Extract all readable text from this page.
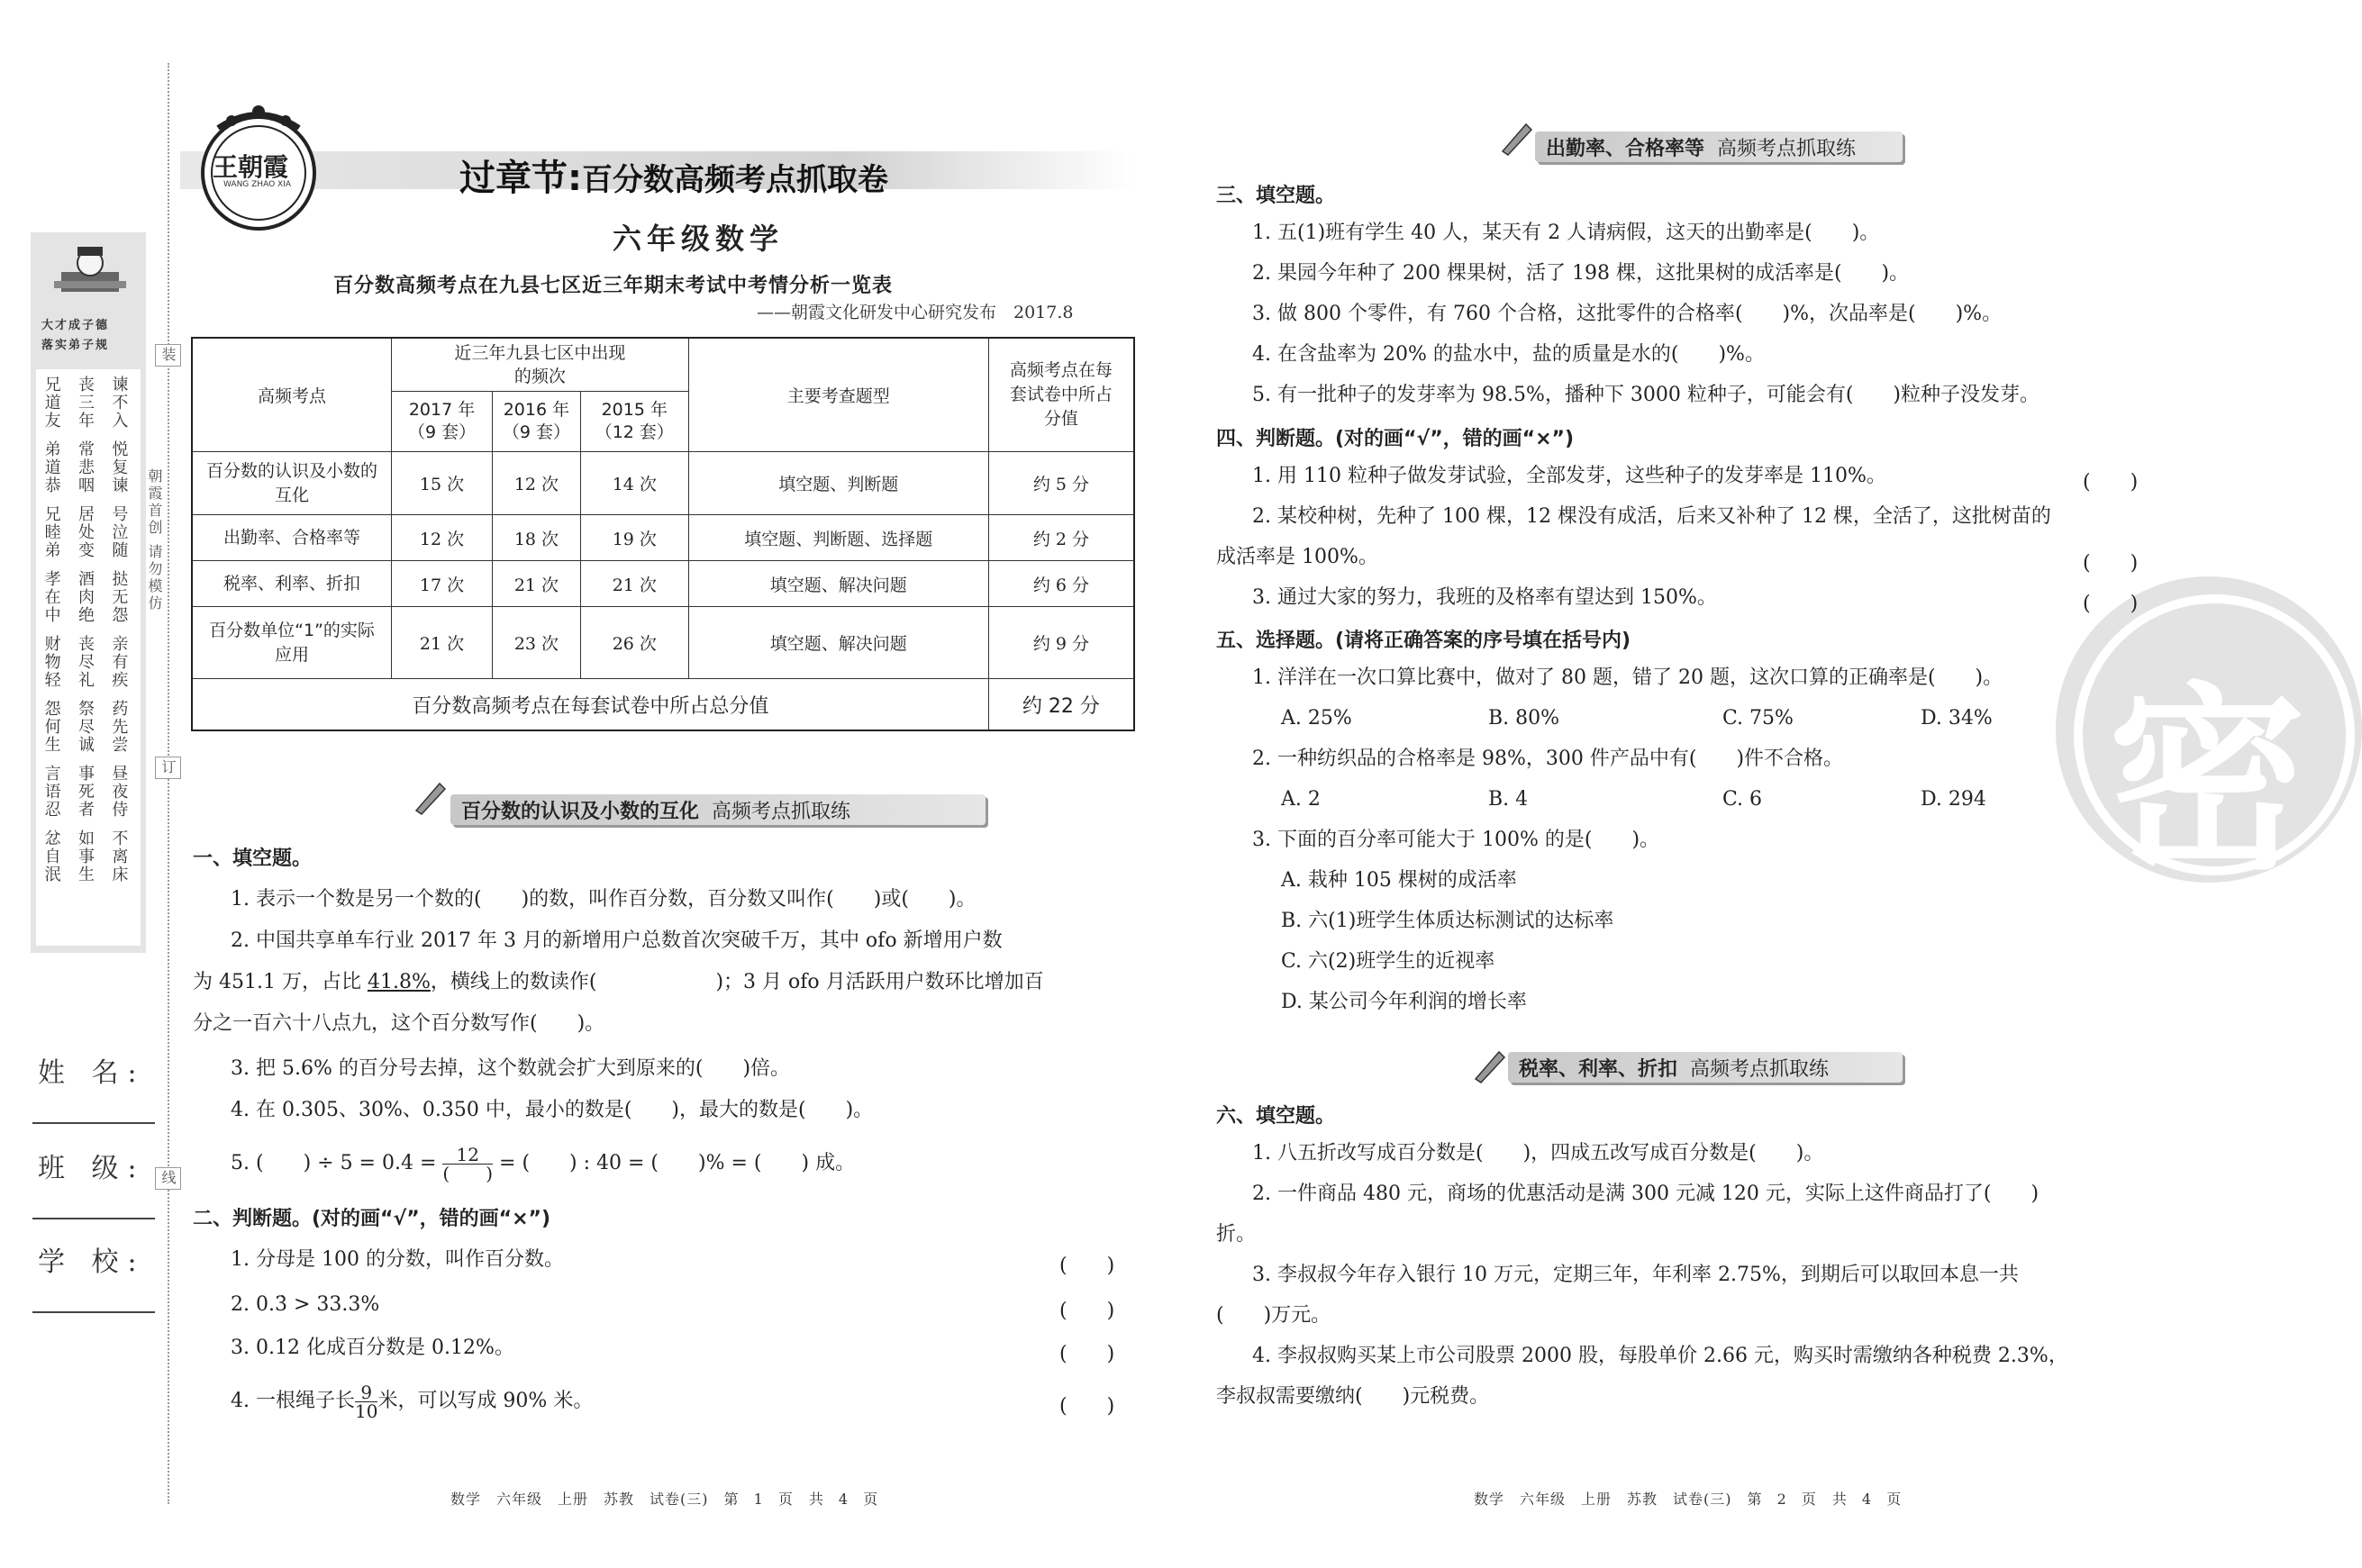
大才成子德
落实弟子规
兄	丧	谏
道	三	不
友	年	入
弟	常	悦
道	悲	复
恭	咽	谏
兄	居	号
睦	处	泣
弟	变	随
孝	酒	挞
在	肉	无
中	绝	怨
财	丧	亲
物	尽	有
轻	礼	疾
怨	祭	药
何	尽	先
生	诚	尝
言	事	昼
语	死	夜
忍	者	侍
忿	如	不
自	事	离
泯	生	床
姓 名:
班 级:
学 校:
装
订
线
朝霞首创 请勿模仿
王朝霞
WANG ZHAO XIA	过章节:百分数高频考点抓取卷
六年级数学
百分数高频考点在九县七区近三年期末考试中考情分析一览表
——朝霞文化研发中心研究发布　2017.8
高频考点	近三年九县七区中出现的频次			主要考查题型	高频考点在每套试卷中所占分值
	2017 年（9 套）	2016 年（9 套）	2015 年（12 套）		
百分数的认识及小数的互化	15 次	12 次	14 次	填空题、判断题	约 5 分
出勤率、合格率等	12 次	18 次	19 次	填空题、判断题、选择题	约 2 分
税率、利率、折扣	17 次	21 次	21 次	填空题、解决问题	约 6 分
百分数单位“1”的实际应用	21 次	23 次	26 次	填空题、解决问题	约 9 分
百分数高频考点在每套试卷中所占总分值					约 22 分
百分数的认识及小数的互化 高频考点抓取练
一、填空题。
1. 表示一个数是另一个数的(　　)的数，叫作百分数，百分数又叫作(　　)或(　　)。
2. 中国共享单车行业 2017 年 3 月的新增用户总数首次突破千万，其中 ofo 新增用户数
为 451.1 万，占比 41.8%，横线上的数读作(　　　　　　)；3 月 ofo 月活跃用户数环比增加百
分之一百六十八点九，这个百分数写作(　　)。
3. 把 5.6% 的百分号去掉，这个数就会扩大到原来的(　　)倍。
4. 在 0.305、30%、0.350 中，最小的数是(　　)，最大的数是(　　)。
5. (　　) ÷ $5 = 0.4 = \frac{12}{( )}$ = (　　) : 40 = (　　)% = (　　) 成。
二、判断题。(对的画“√”，错的画“×”)
1. 分母是 100 的分数，叫作百分数。	(　　)
2. 0.3̇ > 33.3%	(　　)
3. 0.12 化成百分数是 0.12%。	(　　)
4. 一根绳子长 $\frac{9}{10}$ 米，可以写成 90% 米。	(　　)
数学　六年级　上册　苏教　试卷(三)　第 1 页　共 4 页
密
出勤率、合格率等 高频考点抓取练
三、填空题。
1. 五(1)班有学生 40 人，某天有 2 人请病假，这天的出勤率是(　　)。
2. 果园今年种了 200 棵果树，活了 198 棵，这批果树的成活率是(　　)。
3. 做 800 个零件，有 760 个合格，这批零件的合格率(　　)%，次品率是(　　)%。
4. 在含盐率为 20% 的盐水中，盐的质量是水的(　　)%。
5. 有一批种子的发芽率为 98.5%，播种下 3000 粒种子，可能会有(　　)粒种子没发芽。
四、判断题。(对的画“√”，错的画“×”)
1. 用 110 粒种子做发芽试验，全部发芽，这些种子的发芽率是 110%。	(　　)
2. 某校种树，先种了 100 棵，12 棵没有成活，后来又补种了 12 棵，全活了，这批树苗的
成活率是 100%。	(　　)
3. 通过大家的努力，我班的及格率有望达到 150%。	(　　)
五、选择题。(请将正确答案的序号填在括号内)
1. 洋洋在一次口算比赛中，做对了 80 题，错了 20 题，这次口算的正确率是(　　)。
A. 25%	B. 80%	C. 75%	D. 34%
2. 一种纺织品的合格率是 98%，300 件产品中有(　　)件不合格。
A. 2	B. 4	C. 6	D. 294
3. 下面的百分率可能大于 100% 的是(　　)。
A. 栽种 105 棵树的成活率
B. 六(1)班学生体质达标测试的达标率
C. 六(2)班学生的近视率
D. 某公司今年利润的增长率
税率、利率、折扣 高频考点抓取练
六、填空题。
1. 八五折改写成百分数是(　　)，四成五改写成百分数是(　　)。
2. 一件商品 480 元，商场的优惠活动是满 300 元减 120 元，实际上这件商品打了(　　)
折。
3. 李叔叔今年存入银行 10 万元，定期三年，年利率 2.75%，到期后可以取回本息一共
(　　)万元。
4. 李叔叔购买某上市公司股票 2000 股，每股单价 2.66 元，购买时需缴纳各种税费 2.3%，
李叔叔需要缴纳(　　)元税费。
数学　六年级　上册　苏教　试卷(三)　第 2 页　共 4 页
